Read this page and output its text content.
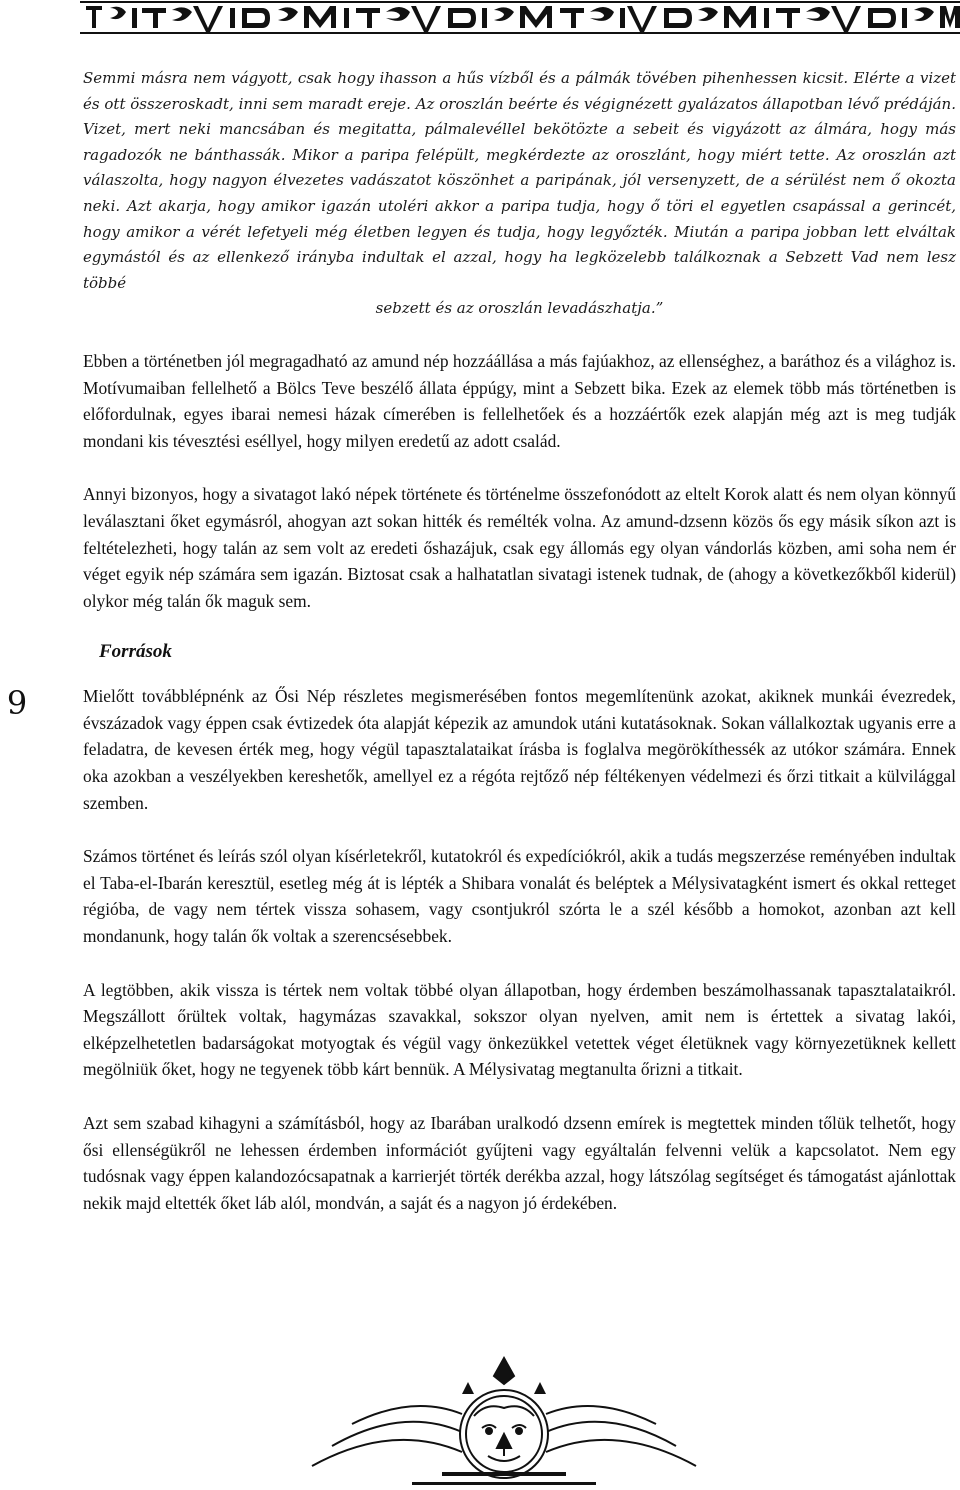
9
Semmi másra nem vágyott, csak hogy ihasson a hűs vízből és a pálmák tövében pihenhessen kicsit. Elérte a vizet és ott összeroskadt, inni sem maradt ereje. Az oroszlán beérte és végignézett gyalázatos állapotban lévő prédáján. Vizet, mert neki mancsában és megitatta, pálmalevéllel bekötözte a sebeit és vigyázott az álmára, hogy más ragadozók ne bánthassák. Mikor a paripa felépült, megkérdezte az oroszlánt, hogy miért tette. Az oroszlán azt válaszolta, hogy nagyon élvezetes vadászatot köszönhet a paripának, jól versenyzett, de a sérülést nem ő okozta neki. Azt akarja, hogy amikor igazán utoléri akkor a paripa tudja, hogy ő töri el egyetlen csapással a gerincét, hogy amikor a vérét lefetyeli még életben legyen és tudja, hogy legyőzték. Miután a paripa jobban lett elváltak egymástól és az ellenkező irányba indultak el azzal, hogy ha legközelebb találkoznak a Sebzett Vad nem lesz többé
sebzett és az oroszlán levadászhatja.”

Ebben a történetben jól megragadható az amund nép hozzáállása a más fajúakhoz, az ellenséghez, a baráthoz és a világhoz is. Motívumaiban fellelhető a Bölcs Teve beszélő állata éppúgy, mint a Sebzett bika. Ezek az elemek több más történetben is előfordulnak, egyes ibarai nemesi házak címerében is fellelhetőek és a hozzáértők ezek alapján még azt is meg tudják mondani kis tévesztési eséllyel, hogy milyen eredetű az adott család.

Annyi bizonyos, hogy a sivatagot lakó népek története és történelme összefonódott az eltelt Korok alatt és nem olyan könnyű leválasztani őket egymásról, ahogyan azt sokan hitték és remélték volna. Az amund-dzsenn közös ős egy másik síkon azt is feltételezheti, hogy talán az sem volt az eredeti őshazájuk, csak egy állomás egy olyan vándorlás közben, ami soha nem ér véget egyik nép számára sem igazán. Biztosat csak a halhatatlan sivatagi istenek tudnak, de (ahogy a következőkből kiderül) olykor még talán ők maguk sem.

Források

Mielőtt továbblépnénk az Ősi Nép részletes megismerésében fontos megemlítenünk azokat, akiknek munkái évezredek, évszázadok vagy éppen csak évtizedek óta alapját képezik az amundok utáni kutatásoknak. Sokan vállalkoztak ugyanis erre a feladatra, de kevesen érték meg, hogy végül tapasztalataikat írásba is foglalva megörökíthessék az utókor számára. Ennek oka azokban a veszélyekben kereshetők, amellyel ez a régóta rejtőző nép féltékenyen védelmezi és őrzi titkait a külvilággal szemben.

Számos történet és leírás szól olyan kísérletekről, kutatokról és expedíciókról, akik a tudás megszerzése reményében indultak el Taba-el-Ibarán keresztül, esetleg még át is lépték a Shibara vonalát és beléptek a Mélysivatagként ismert és okkal retteget régióba, de vagy nem tértek vissza sohasem, vagy csontjukról szórta le a szél később a homokot, azonban azt kell mondanunk, hogy talán ők voltak a szerencsésebbek.

A legtöbben, akik vissza is tértek nem voltak többé olyan állapotban, hogy érdemben beszámolhassanak tapasztalataikról. Megszállott őrültek voltak, hagymázas szavakkal, sokszor olyan nyelven, amit nem is értettek a sivatag lakói, elképzelhetetlen badarságokat motyogtak és végül vagy önkezükkel vetettek véget életüknek vagy környezetüknek kellett megölniük őket, hogy ne tegyenek több kárt bennük. A Mélysivatag megtanulta őrizni a titkait.

Azt sem szabad kihagyni a számításból, hogy az Ibarában uralkodó dzsenn emírek is megtettek minden tőlük telhetőt, hogy ősi ellenségükről ne lehessen érdemben információt gyűjteni vagy egyáltalán felvenni velük a kapcsolatot. Nem egy tudósnak vagy éppen kalandozócsapatnak a karrierjét törték derékba azzal, hogy látszólag segítséget és támogatást ajánlottak nekik majd eltették őket láb alól, mondván, a saját és a nagyon jó érdekében.
